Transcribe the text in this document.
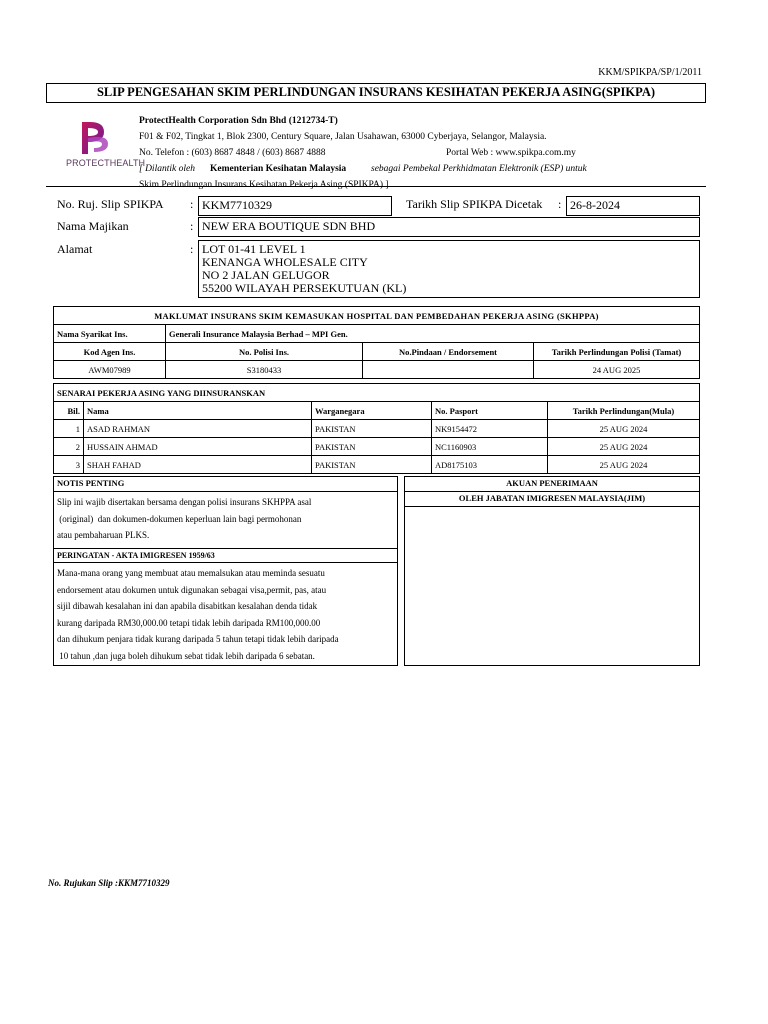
KKM/SPIKPA/SP/1/2011
SLIP PENGESAHAN SKIM PERLINDUNGAN INSURANS KESIHATAN PEKERJA ASING(SPIKPA)
PROTECTHEALTH
ProtectHealth Corporation Sdn Bhd (1212734-T)
F01 & F02, Tingkat 1, Blok 2300, Century Square, Jalan Usahawan, 63000 Cyberjaya, Selangor, Malaysia.
No. Telefon : (603) 8687 4848 / (603) 8687 4888	Portal Web : www.spikpa.com.my
[ Dilantik oleh Kementerian Kesihatan Malaysia	sebagai Pembekal Perkhidmatan Elektronik (ESP) untuk
Skim Perlindungan Insurans Kesihatan Pekerja Asing (SPIKPA) ]
No. Ruj. Slip SPIKPA : KKM7710329	Tarikh Slip SPIKPA Dicetak : 26-8-2024
Nama Majikan	: NEW ERA BOUTIQUE SDN BHD
Alamat	: LOT 01-41 LEVEL 1
KENANGA WHOLESALE CITY
NO 2 JALAN GELUGOR
55200 WILAYAH PERSEKUTUAN (KL)
MAKLUMAT INSURANS SKIM KEMASUKAN HOSPITAL DAN PEMBEDAHAN PEKERJA ASING (SKHPPA)			
Nama Syarikat Ins.	Generali Insurance Malaysia Berhad – MPI Gen.		
Kod Agen Ins.	No. Polisi Ins.	No.Pindaan / Endorsement	Tarikh Perlindungan Polisi (Tamat)
AWM07989	S3180433		24 AUG 2025
SENARAI PEKERJA ASING YANG DIINSURANSKAN				
Bil.	Nama	Warganegara	No. Pasport	Tarikh Perlindungan(Mula)
1	ASAD RAHMAN	PAKISTAN	NK9154472	25 AUG 2024
2	HUSSAIN AHMAD	PAKISTAN	NC1160903	25 AUG 2024
3	SHAH FAHAD	PAKISTAN	AD8175103	25 AUG 2024
NOTIS PENTING
Slip ini wajib disertakan bersama dengan polisi insurans SKHPPA asal
(original)  dan dokumen-dokumen keperluan lain bagi permohonan
atau pembaharuan PLKS.
PERINGATAN - AKTA IMIGRESEN 1959/63
Mana-mana orang yang membuat atau memalsukan atau meminda sesuatu
endorsement atau dokumen untuk digunakan sebagai visa,permit, pas, atau
sijil dibawah kesalahan ini dan apabila disabitkan kesalahan denda tidak
kurang daripada RM30,000.00 tetapi tidak lebih daripada RM100,000.00
dan dihukum penjara tidak kurang daripada 5 tahun tetapi tidak lebih daripada
10 tahun ,dan juga boleh dihukum sebat tidak lebih daripada 6 sebatan.
AKUAN PENERIMAAN
OLEH JABATAN IMIGRESEN MALAYSIA(JIM)
No. Rujukan Slip :KKM7710329
